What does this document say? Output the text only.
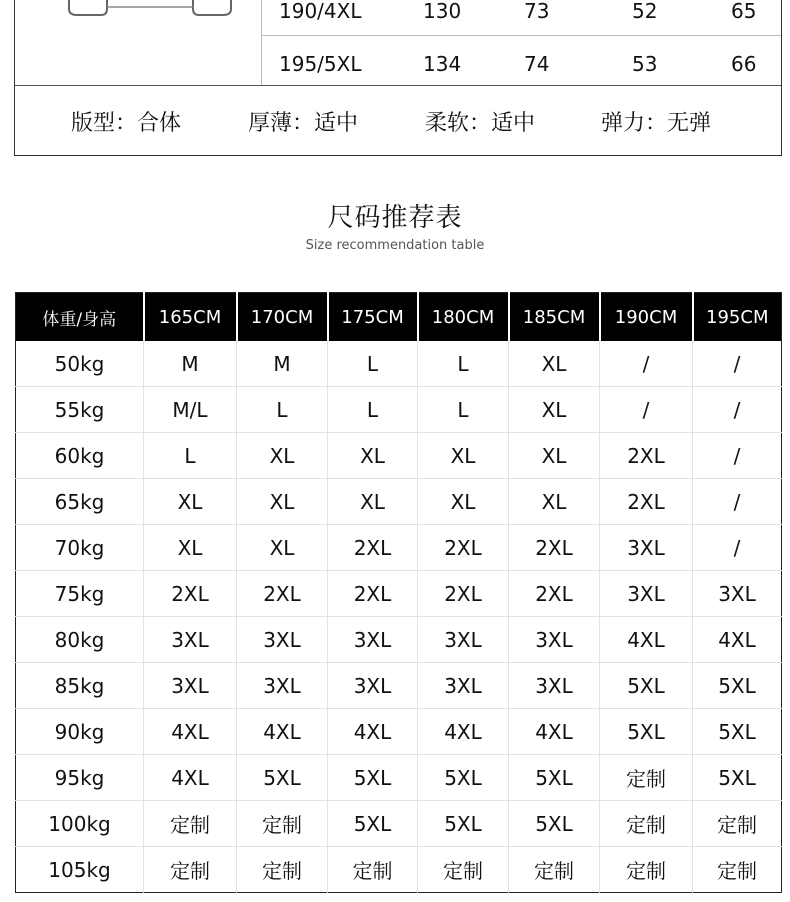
190/4XL	130	73	52	65
195/5XL	134	74	53	66
版型：合体	厚薄：适中	柔软：适中	弹力：无弹
尺码推荐表
Size recommendation table
体重/身高	165CM	170CM	175CM	180CM	185CM	190CM	195CM
50kg	M	M	L	L	XL	/	/
55kg	M/L	L	L	L	XL	/	/
60kg	L	XL	XL	XL	XL	2XL	/
65kg	XL	XL	XL	XL	XL	2XL	/
70kg	XL	XL	2XL	2XL	2XL	3XL	/
75kg	2XL	2XL	2XL	2XL	2XL	3XL	3XL
80kg	3XL	3XL	3XL	3XL	3XL	4XL	4XL
85kg	3XL	3XL	3XL	3XL	3XL	5XL	5XL
90kg	4XL	4XL	4XL	4XL	4XL	5XL	5XL
95kg	4XL	5XL	5XL	5XL	5XL	定制	5XL
100kg	定制	定制	5XL	5XL	5XL	定制	定制
105kg	定制	定制	定制	定制	定制	定制	定制
